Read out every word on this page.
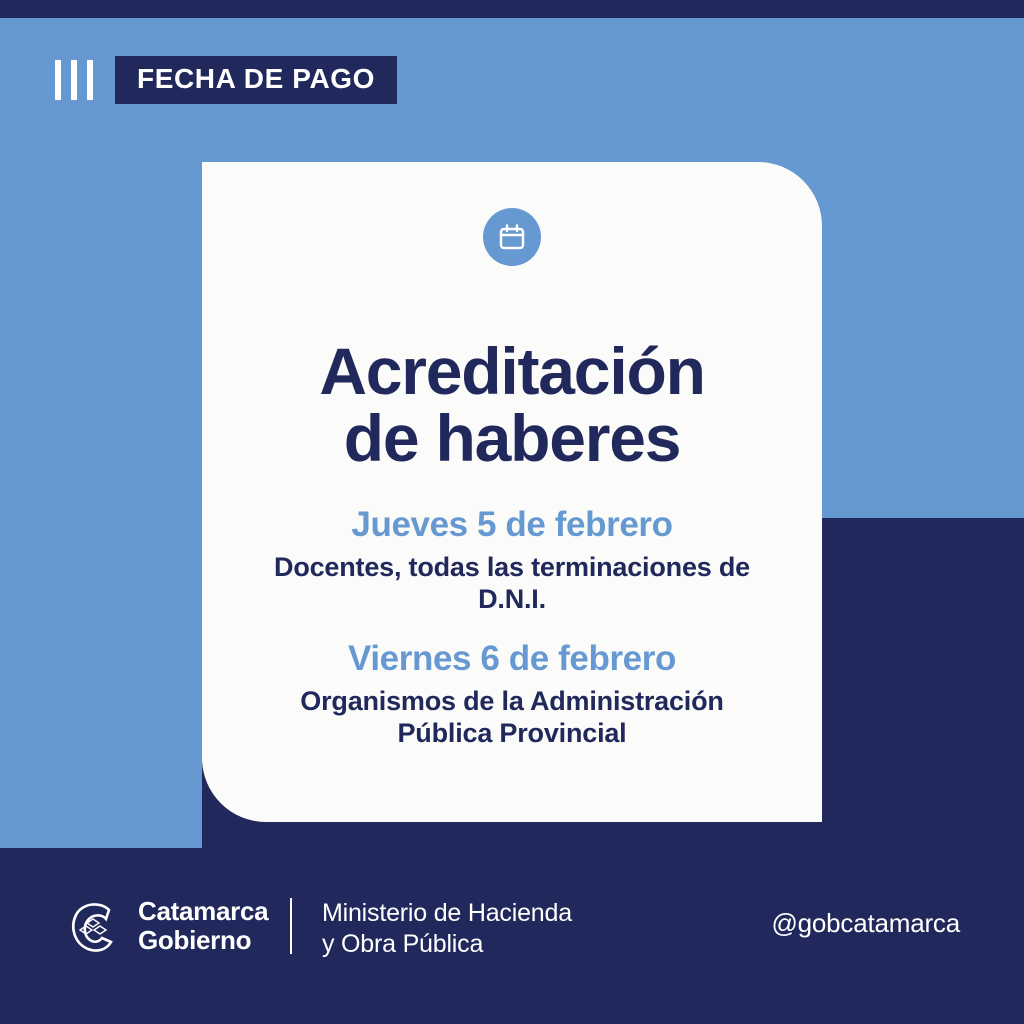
FECHA DE PAGO
Acreditación
de haberes
Jueves 5 de febrero
Docentes, todas las terminaciones de D.N.I.
Viernes 6 de febrero
Organismos de la Administración Pública Provincial
Catamarca
Gobierno
Ministerio de Hacienda
y Obra Pública
@gobcatamarca
